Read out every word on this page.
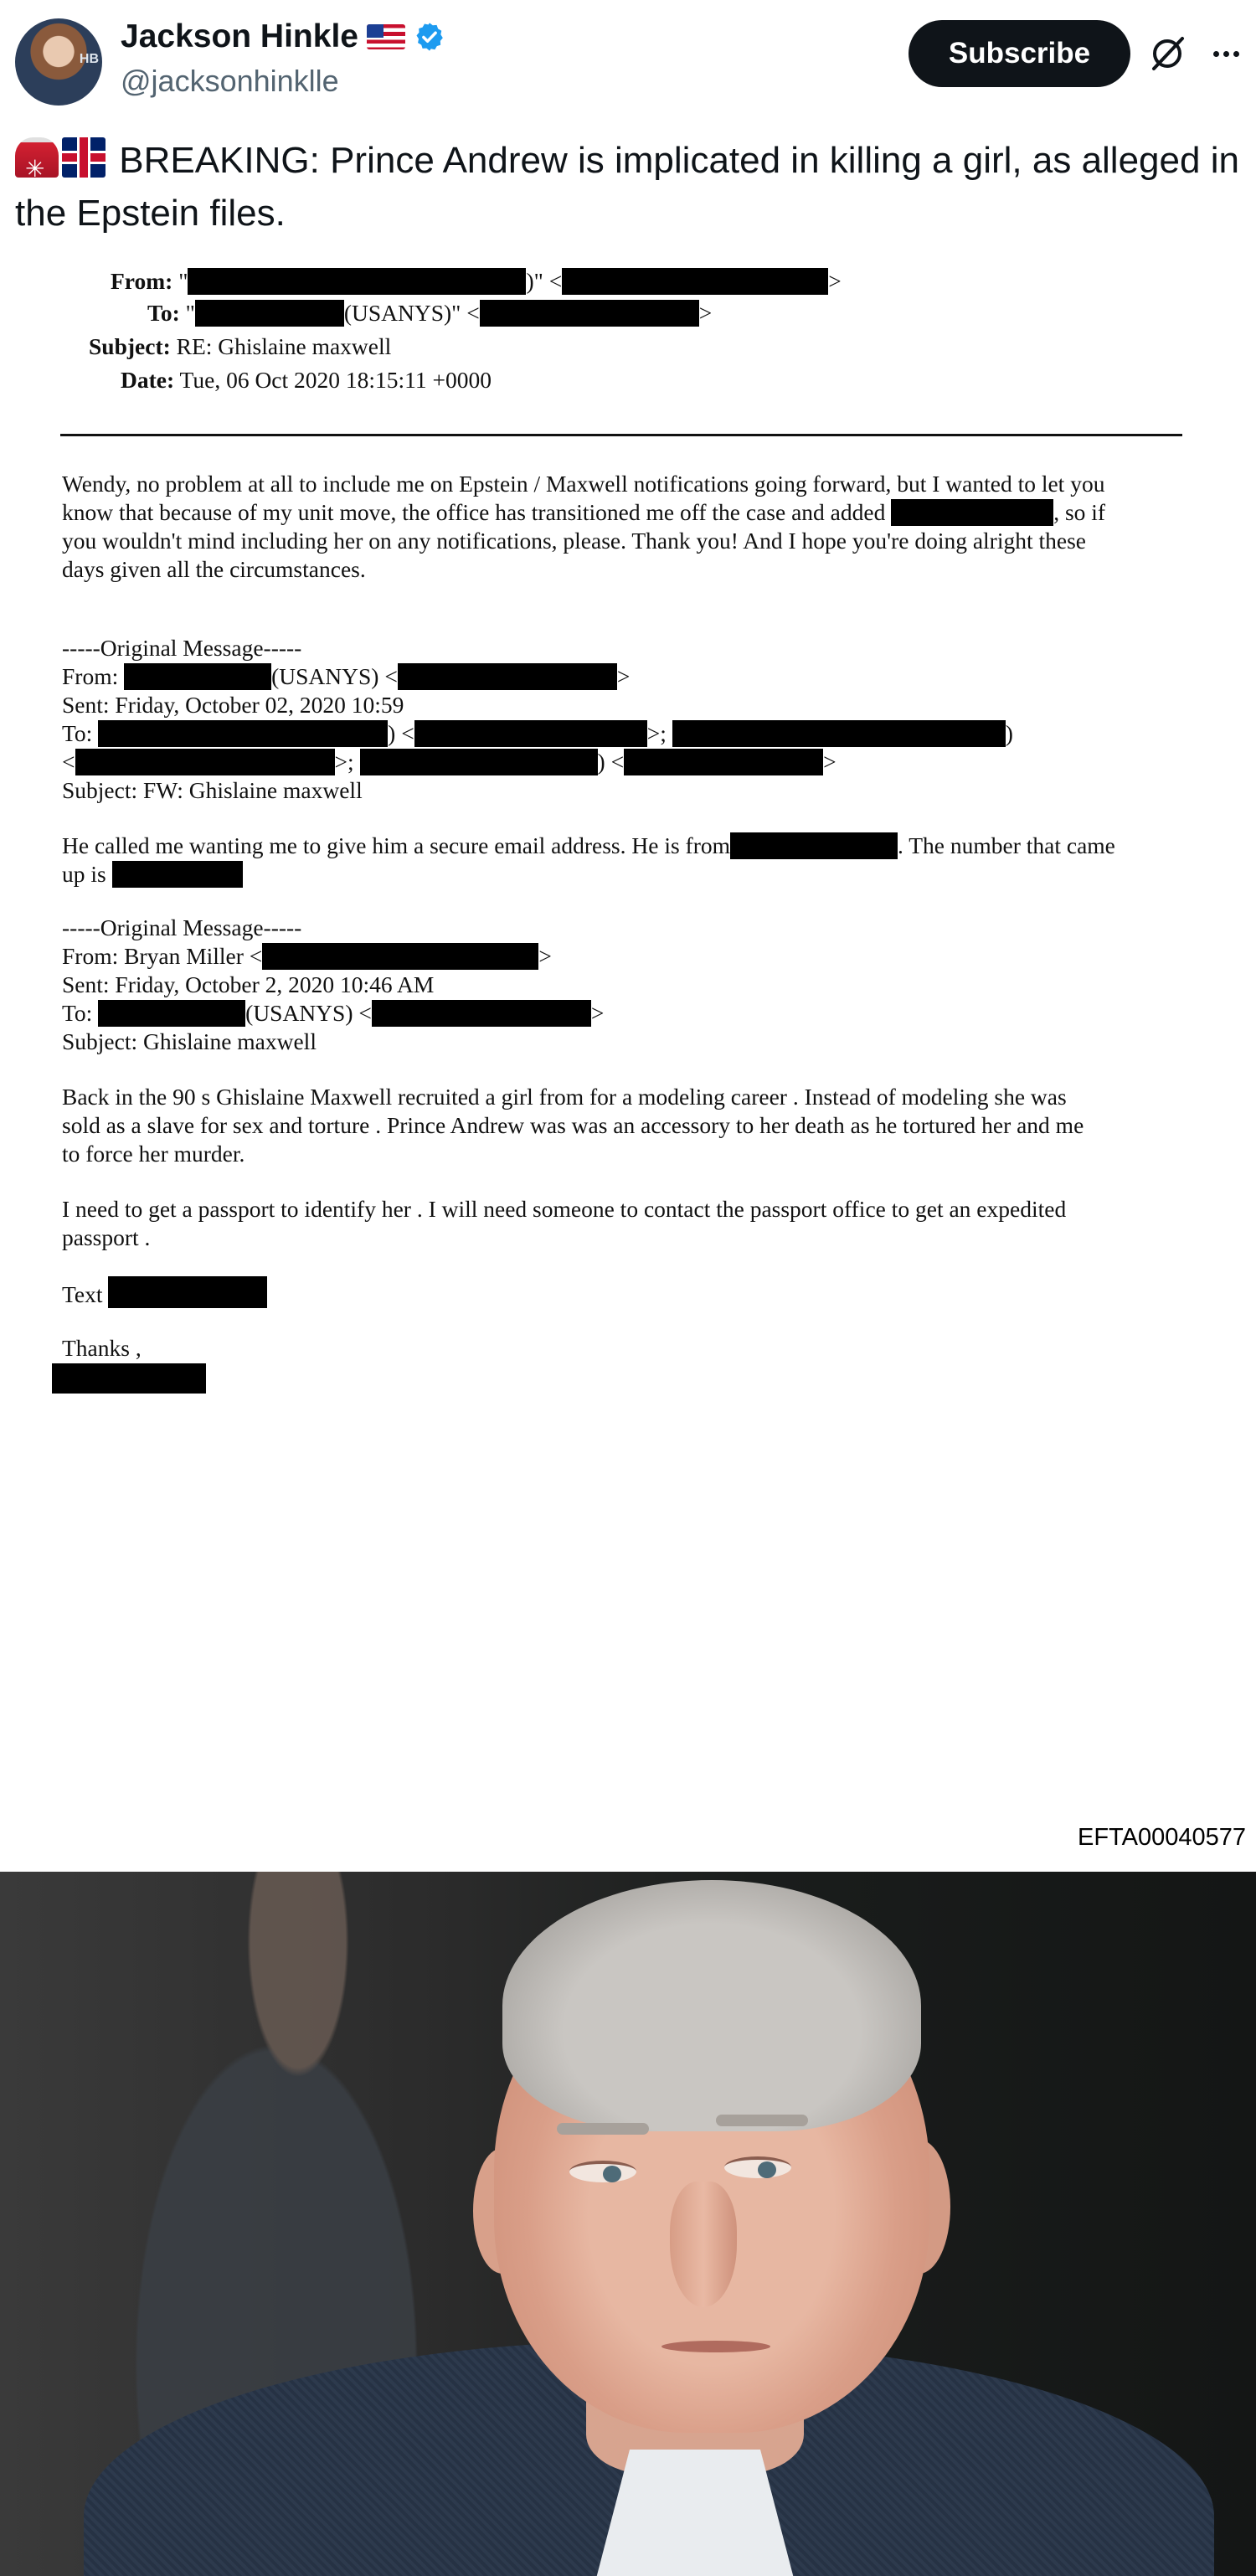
HB
Jackson Hinkle
@jacksonhinklle
Subscribe
✳ BREAKING: Prince Andrew is implicated in killing a girl, as alleged in the Epstein files.
From: "	)" <	>
To: "	(USANYS)" <	>
Subject: RE: Ghislaine maxwell
Date: Tue, 06 Oct 2020 18:15:11 +0000
Wendy, no problem at all to include me on Epstein / Maxwell notifications going forward, but I wanted to let you
know that because of my unit move, the office has transitioned me off the case and added	, so if
you wouldn't mind including her on any notifications, please. Thank you! And I hope you're doing alright these
days given all the circumstances.
-----Original Message-----
From:	(USANYS) <	>
Sent: Friday, October 02, 2020 10:59
To:	) <	>;	)
<	>;	) <	>
Subject: FW: Ghislaine maxwell
He called me wanting me to give him a secure email address. He is from	. The number that came
up is
-----Original Message-----
From: Bryan Miller <	>
Sent: Friday, October 2, 2020 10:46 AM
To:	(USANYS) <	>
Subject: Ghislaine maxwell
Back in the 90 s Ghislaine Maxwell recruited a girl from for a modeling career . Instead of modeling she was
sold as a slave for sex and torture . Prince Andrew was was an accessory to her death as he tortured her and me
to force her murder.
I need to get a passport to identify her . I will need someone to contact the passport office to get an expedited
passport .
Text
Thanks ,
EFTA00040577
